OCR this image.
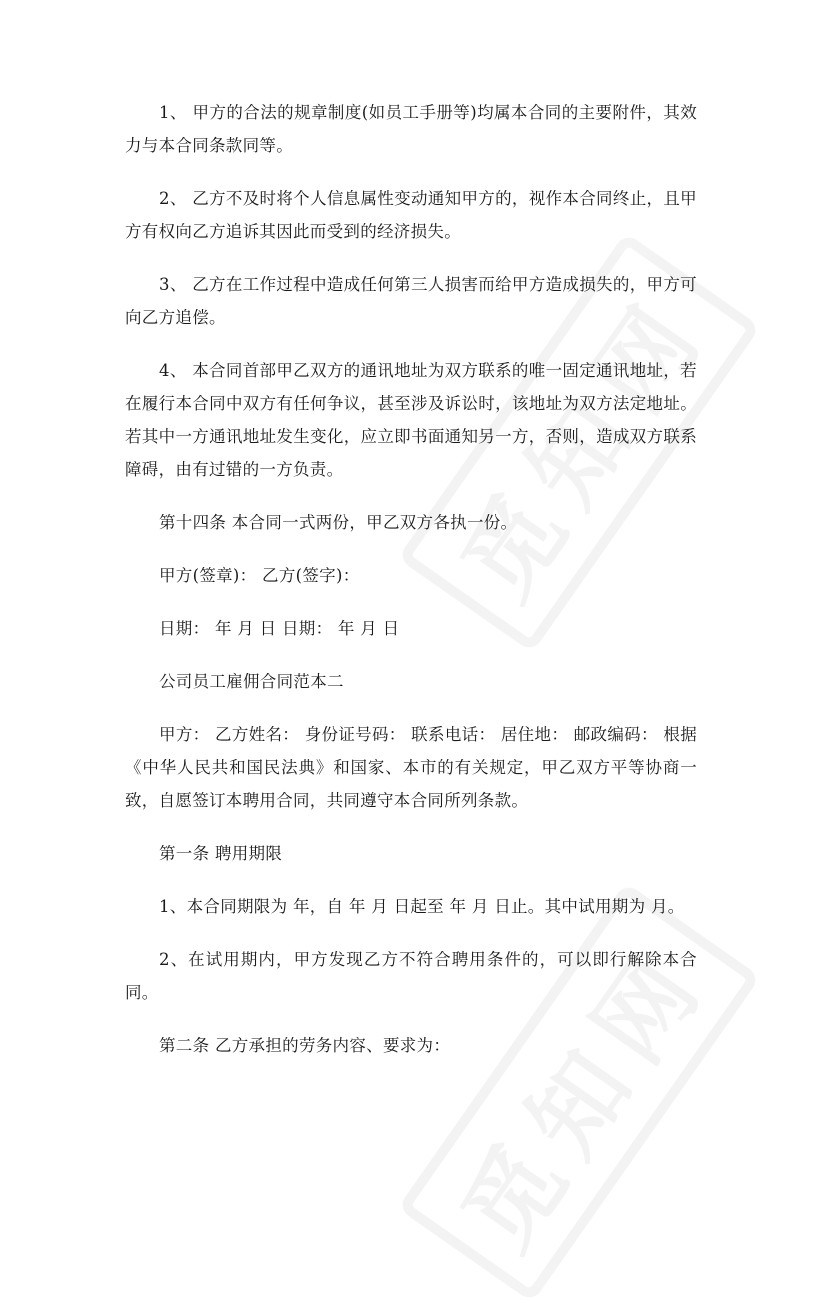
1、 甲方的合法的规章制度(如员工手册等)均属本合同的主要附件，其效力与本合同条款同等。

2、 乙方不及时将个人信息属性变动通知甲方的，视作本合同终止，且甲方有权向乙方追诉其因此而受到的经济损失。

3、 乙方在工作过程中造成任何第三人损害而给甲方造成损失的，甲方可向乙方追偿。

4、 本合同首部甲乙双方的通讯地址为双方联系的唯一固定通讯地址，若在履行本合同中双方有任何争议，甚至涉及诉讼时，该地址为双方法定地址。若其中一方通讯地址发生变化，应立即书面通知另一方，否则，造成双方联系障碍，由有过错的一方负责。

第十四条 本合同一式两份，甲乙双方各执一份。

甲方(签章)： 乙方(签字)：

日期： 年 月 日 日期： 年 月 日

公司员工雇佣合同范本二

甲方： 乙方姓名： 身份证号码： 联系电话： 居住地： 邮政编码： 根据《中华人民共和国民法典》和国家、本市的有关规定，甲乙双方平等协商一致，自愿签订本聘用合同，共同遵守本合同所列条款。

第一条 聘用期限

1、本合同期限为 年，自 年 月 日起至 年 月 日止。其中试用期为 月。

2、在试用期内，甲方发现乙方不符合聘用条件的，可以即行解除本合同。

第二条 乙方承担的劳务内容、要求为：
